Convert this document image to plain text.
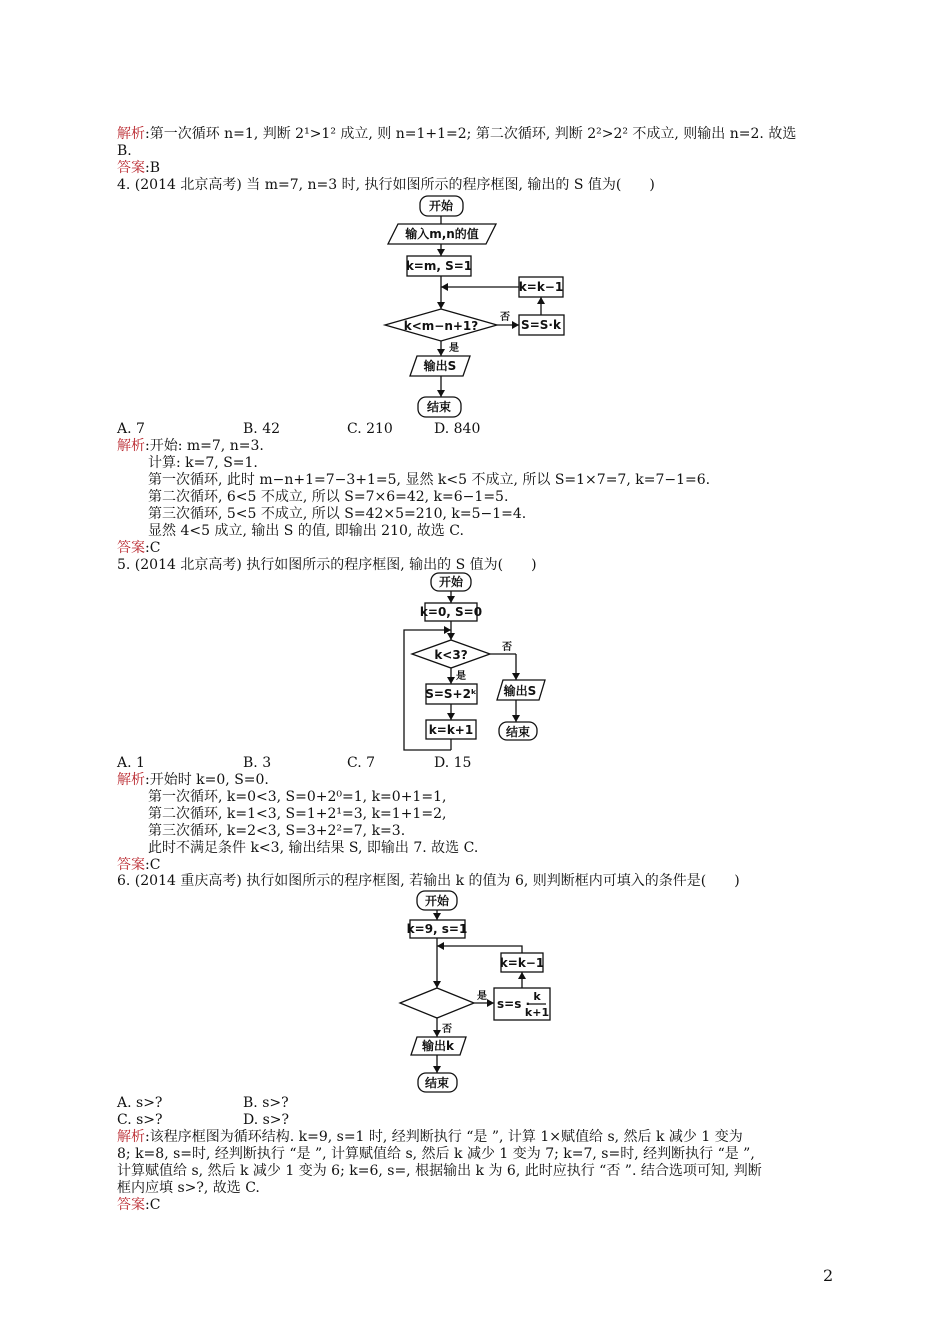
解析:第一次循环 n=1, 判断 2¹>1² 成立, 则 n=1+1=2; 第二次循环, 判断 2²>2² 不成立, 则输出 n=2. 故选
B.
答案:B
4. (2014 北京高考) 当 m=7, n=3 时, 执行如图所示的程序框图, 输出的 S 值为(　　)
开始
输入m,n的值
k=m, S=1
k<m−n+1?
否
S=S·k
k=k−1
是
输出S
结束
A. 7	B. 42	C. 210	D. 840
解析:开始: m=7, n=3.
计算: k=7, S=1.
第一次循环, 此时 m−n+1=7−3+1=5, 显然 k<5 不成立, 所以 S=1×7=7, k=7−1=6.
第二次循环, 6<5 不成立, 所以 S=7×6=42, k=6−1=5.
第三次循环, 5<5 不成立, 所以 S=42×5=210, k=5−1=4.
显然 4<5 成立, 输出 S 的值, 即输出 210, 故选 C.
答案:C
5. (2014 北京高考) 执行如图所示的程序框图, 输出的 S 值为(　　)
开始
k=0, S=0
k<3?
否
是
S=S+2ᵏ
k=k+1
输出S
结束
A. 1	B. 3	C. 7	D. 15
解析:开始时 k=0, S=0.
第一次循环, k=0<3, S=0+2⁰=1, k=0+1=1,
第二次循环, k=1<3, S=1+2¹=3, k=1+1=2,
第三次循环, k=2<3, S=3+2²=7, k=3.
此时不满足条件 k<3, 输出结果 S, 即输出 7. 故选 C.
答案:C
6. (2014 重庆高考) 执行如图所示的程序框图, 若输出 k 的值为 6, 则判断框内可填入的条件是(　　)
开始
k=9, s=1
k=k−1
是
否
s=s ·
k
k+1
输出k
结束
A. s>?	B. s>?
C. s>?	D. s>?
解析:该程序框图为循环结构. k=9, s=1 时, 经判断执行 “是 ”, 计算 1×赋值给 s, 然后 k 减少 1 变为
8; k=8, s=时, 经判断执行 “是 ”, 计算赋值给 s, 然后 k 减少 1 变为 7; k=7, s=时, 经判断执行 “是 ”,
计算赋值给 s, 然后 k 减少 1 变为 6; k=6, s=, 根据输出 k 为 6, 此时应执行 “否 ”. 结合选项可知, 判断
框内应填 s>?, 故选 C.
答案:C
2
